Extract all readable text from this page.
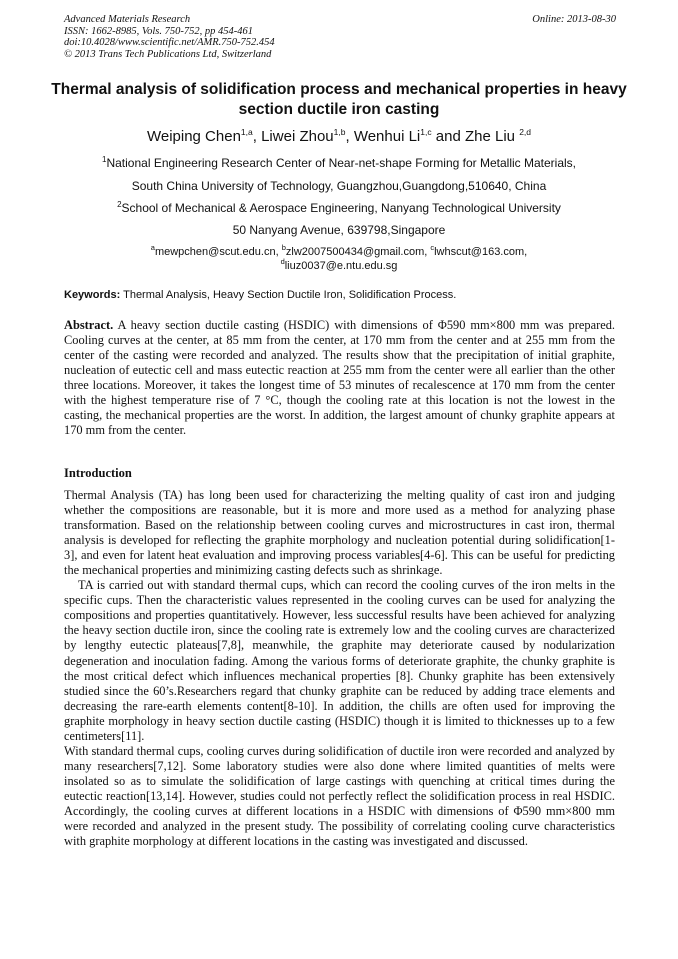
Advanced Materials Research
ISSN: 1662-8985, Vols. 750-752, pp 454-461
doi:10.4028/www.scientific.net/AMR.750-752.454
© 2013 Trans Tech Publications Ltd, Switzerland
Online: 2013-08-30
Thermal analysis of solidification process and mechanical properties in heavy section ductile iron casting
Weiping Chen$^{1,a}$, Liwei Zhou$^{1,b}$, Wenhui Li$^{1,c}$ and Zhe Liu $^{2,d}$
$^1$National Engineering Research Center of Near-net-shape Forming for Metallic Materials,
South China University of Technology, Guangzhou,Guangdong,510640, China
$^2$School of Mechanical & Aerospace Engineering, Nanyang Technological University
50 Nanyang Avenue, 639798,Singapore
$^a$mewpchen@scut.edu.cn, $^b$zlw2007500434@gmail.com, $^c$lwhscut@163.com,
$^d$liuz0037@e.ntu.edu.sg
Keywords: Thermal Analysis, Heavy Section Ductile Iron, Solidification Process.

Abstract. A heavy section ductile casting (HSDIC) with dimensions of Φ590 mm×800 mm was prepared. Cooling curves at the center, at 85 mm from the center, at 170 mm from the center and at 255 mm from the center of the casting were recorded and analyzed. The results show that the precipitation of initial graphite, nucleation of eutectic cell and mass eutectic reaction at 255 mm from the center were all earlier than the other three locations. Moreover, it takes the longest time of 53 minutes of recalescence at 170 mm from the center with the highest temperature rise of 7 °C, though the cooling rate at this location is not the lowest in the casting, the mechanical properties are the worst. In addition, the largest amount of chunky graphite appears at 170 mm from the center.

Introduction

Thermal Analysis (TA) has long been used for characterizing the melting quality of cast iron and judging whether the compositions are reasonable, but it is more and more used as a method for analyzing phase transformation. Based on the relationship between cooling curves and microstructures in cast iron, thermal analysis is developed for reflecting the graphite morphology and nucleation potential during solidification[1-3], and even for latent heat evaluation and improving process variables[4-6]. This can be useful for predicting the mechanical properties and minimizing casting defects such as shrinkage.

TA is carried out with standard thermal cups, which can record the cooling curves of the iron melts in the specific cups. Then the characteristic values represented in the cooling curves can be used for analyzing the compositions and properties quantitatively. However, less successful results have been achieved for analyzing the heavy section ductile iron, since the cooling rate is extremely low and the cooling curves are characterized by lengthy eutectic plateaus[7,8], meanwhile, the graphite may deteriorate caused by nodularization degeneration and inoculation fading. Among the various forms of deteriorate graphite, the chunky graphite is the most critical defect which influences mechanical properties [8]. Chunky graphite has been extensively studied since the 60’s.Researchers regard that chunky graphite can be reduced by adding trace elements and decreasing the rare-earth elements content[8-10]. In addition, the chills are often used for improving the graphite morphology in heavy section ductile casting (HSDIC) though it is limited to thicknesses up to a few centimeters[11].

With standard thermal cups, cooling curves during solidification of ductile iron were recorded and analyzed by many researchers[7,12]. Some laboratory studies were also done where limited quantities of melts were insolated so as to simulate the solidification of large castings with quenching at critical times during the eutectic reaction[13,14]. However, studies could not perfectly reflect the solidification process in real HSDIC. Accordingly, the cooling curves at different locations in a HSDIC with dimensions of Φ590 mm×800 mm were recorded and analyzed in the present study. The possibility of correlating cooling curve characteristics with graphite morphology at different locations in the casting was investigated and discussed.
